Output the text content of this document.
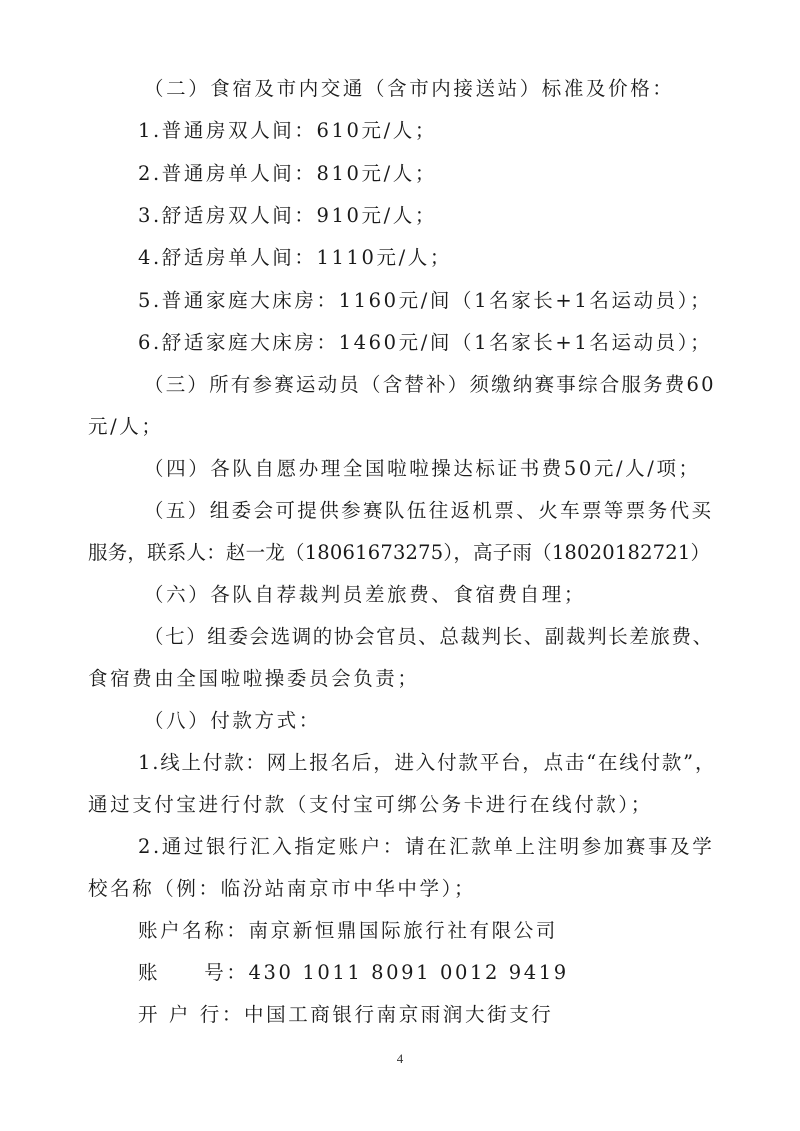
（二）食宿及市内交通（含市内接送站）标准及价格：

1.普通房双人间：610元/人；

2.普通房单人间：810元/人；

3.舒适房双人间：910元/人；

4.舒适房单人间：1110元/人；

5.普通家庭大床房：1160元/间（1名家长+1名运动员）；

6.舒适家庭大床房：1460元/间（1名家长+1名运动员）；

（三）所有参赛运动员（含替补）须缴纳赛事综合服务费60

元/人；

（四）各队自愿办理全国啦啦操达标证书费50元/人/项；

（五）组委会可提供参赛队伍往返机票、火车票等票务代买

服务，联系人：赵一龙（18061673275），高子雨（18020182721）

（六）各队自荐裁判员差旅费、食宿费自理；

（七）组委会选调的协会官员、总裁判长、副裁判长差旅费、

食宿费由全国啦啦操委员会负责；

（八）付款方式：

1.线上付款：网上报名后，进入付款平台，点击“在线付款”，

通过支付宝进行付款（支付宝可绑公务卡进行在线付款）；

2.通过银行汇入指定账户：请在汇款单上注明参加赛事及学

校名称（例：临汾站南京市中华中学）；

账户名称：南京新恒鼎国际旅行社有限公司

账　　号：430 1011 8091 0012 9419

开 户 行：中国工商银行南京雨润大街支行

4
